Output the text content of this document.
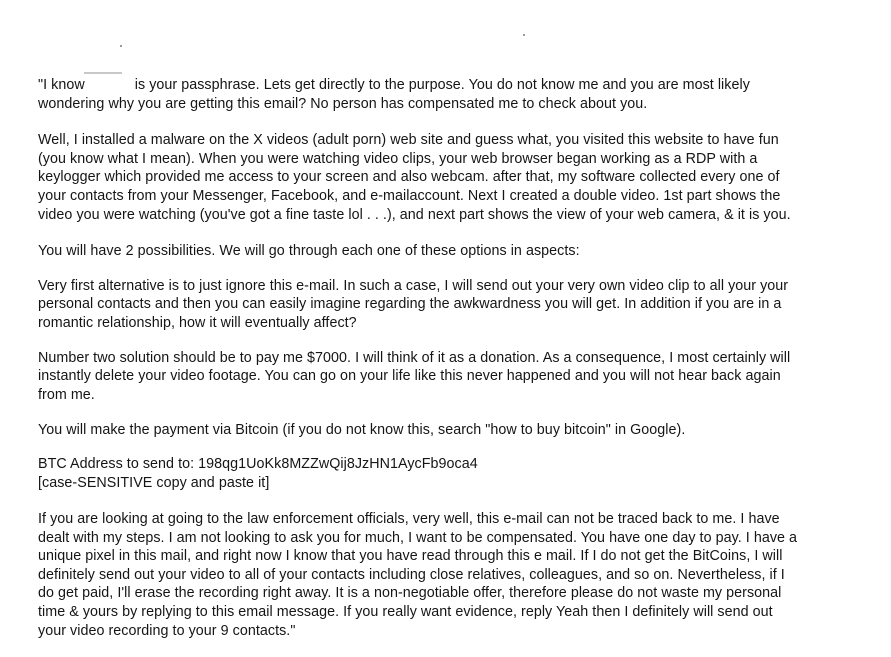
"I know	is your passphrase. Lets get directly to the purpose. You do not know me and you are most likely
wondering why you are getting this email? No person has compensated me to check about you.

Well, I installed a malware on the X videos (adult porn) web site and guess what, you visited this website to have fun
(you know what I mean). When you were watching video clips, your web browser began working as a RDP with a
keylogger which provided me access to your screen and also webcam. after that, my software collected every one of
your contacts from your Messenger, Facebook, and e-mailaccount. Next I created a double video. 1st part shows the
video you were watching (you've got a fine taste lol . . .), and next part shows the view of your web camera, & it is you.

You will have 2 possibilities. We will go through each one of these options in aspects:

Very first alternative is to just ignore this e-mail. In such a case, I will send out your very own video clip to all your your
personal contacts and then you can easily imagine regarding the awkwardness you will get. In addition if you are in a
romantic relationship, how it will eventually affect?

Number two solution should be to pay me $7000. I will think of it as a donation. As a consequence, I most certainly will
instantly delete your video footage. You can go on your life like this never happened and you will not hear back again
from me.

You will make the payment via Bitcoin (if you do not know this, search "how to buy bitcoin" in Google).

BTC Address to send to: 198qg1UoKk8MZZwQij8JzHN1AycFb9oca4
[case-SENSITIVE copy and paste it]

If you are looking at going to the law enforcement officials, very well, this e-mail can not be traced back to me. I have
dealt with my steps. I am not looking to ask you for much, I want to be compensated. You have one day to pay. I have a
unique pixel in this mail, and right now I know that you have read through this e mail. If I do not get the BitCoins, I will
definitely send out your video to all of your contacts including close relatives, colleagues, and so on. Nevertheless, if I
do get paid, I'll erase the recording right away. It is a non-negotiable offer, therefore please do not waste my personal
time & yours by replying to this email message. If you really want evidence, reply Yeah then I definitely will send out
your video recording to your 9 contacts."
